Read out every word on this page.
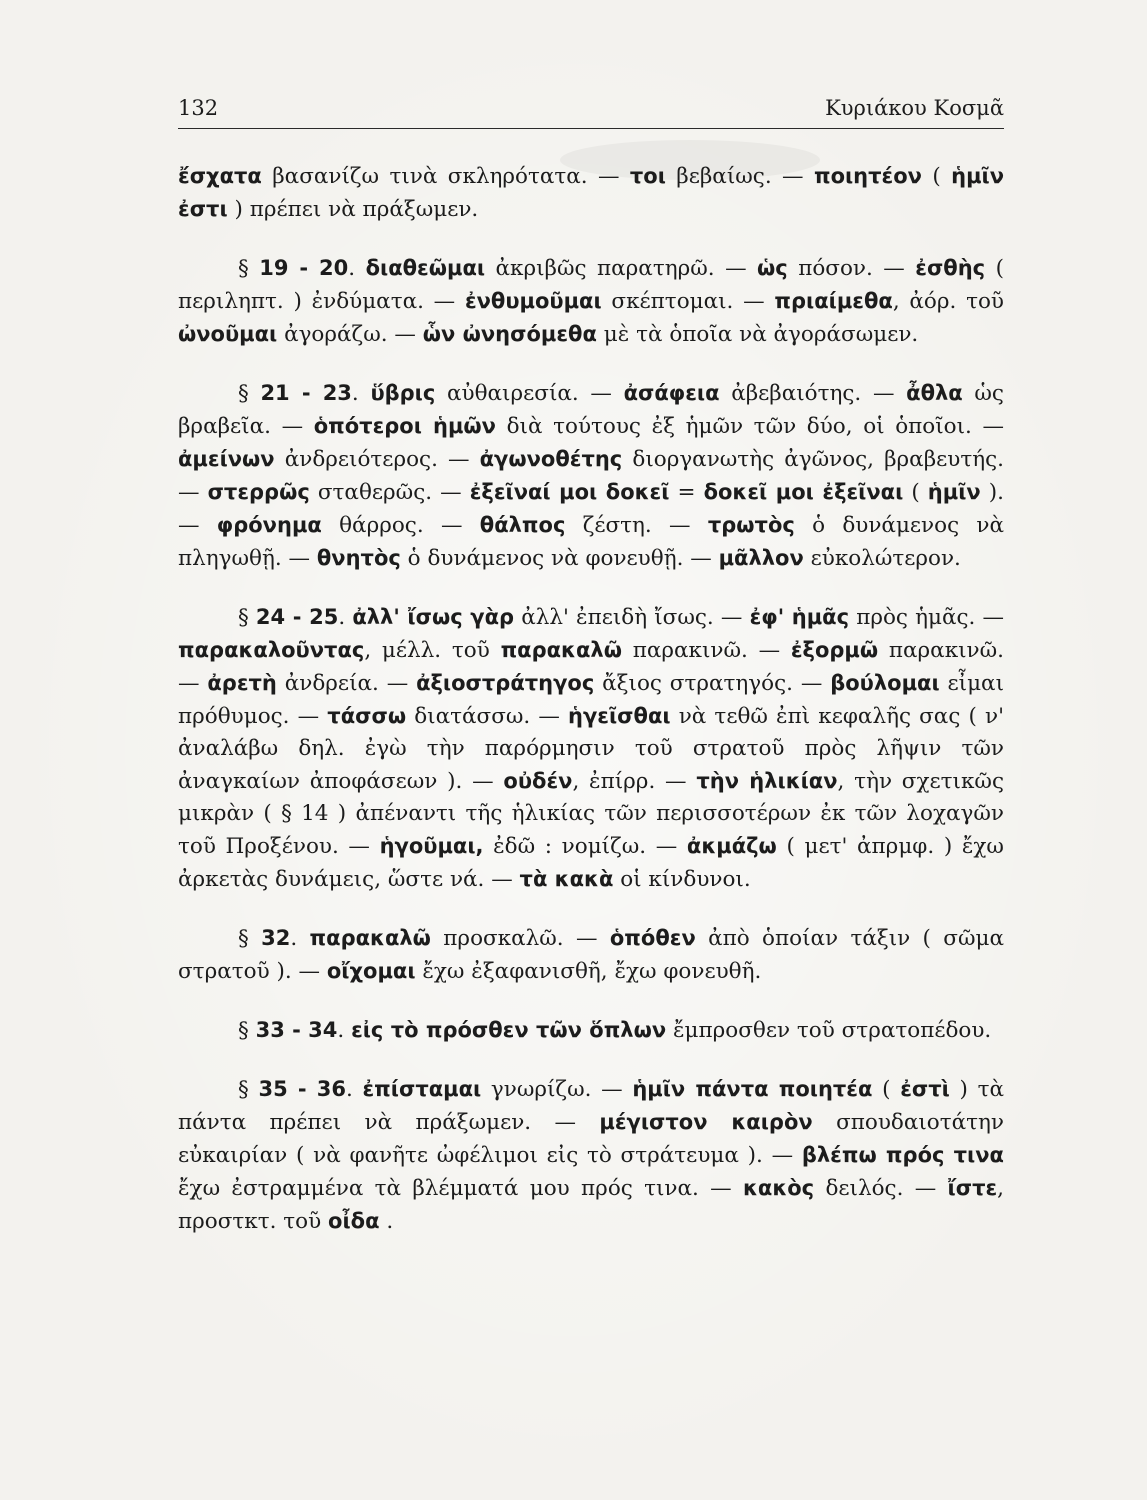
132	Κυριάκου Κοσμᾶ

ἔσχατα βασανίζω τινὰ σκληρότατα. — τοι βεβαίως. — ποιητέον ( ἡμῖν ἐστι ) πρέπει νὰ πράξωμεν.

§ 19 - 20. διαθεῶμαι ἀκριβῶς παρατηρῶ. — ὡς πόσον. — ἐσθὴς ( περιληπτ. ) ἐνδύματα. — ἐνθυμοῦμαι σκέπτομαι. — πριαίμεθα, ἀόρ. τοῦ ὠνοῦμαι ἀγοράζω. — ὧν ὠνησόμεθα μὲ τὰ ὁποῖα νὰ ἀγοράσωμεν.

§ 21 - 23. ὕβρις αὐθαιρεσία. — ἀσάφεια ἀβεβαιότης. — ἆθλα ὡς βραβεῖα. — ὁπότεροι ἡμῶν διὰ τούτους ἐξ ἡμῶν τῶν δύο, οἱ ὁποῖοι. — ἀμείνων ἀνδρειότερος. — ἀγωνοθέτης διοργανωτὴς ἀγῶνος, βραβευτής. — στερρῶς σταθερῶς. — ἐξεῖναί μοι δοκεῖ = δοκεῖ μοι ἐξεῖναι ( ἡμῖν ). — φρόνημα θάρρος. — θάλπος ζέστη. — τρωτὸς ὁ δυνάμενος νὰ πληγωθῇ. — θνητὸς ὁ δυνάμενος νὰ φονευθῇ. — μᾶλλον εὐκολώτερον.

§ 24 - 25. ἀλλ' ἴσως γὰρ ἀλλ' ἐπειδὴ ἴσως. — ἐφ' ἡμᾶς πρὸς ἡμᾶς. — παρακαλοῦντας, μέλλ. τοῦ παρακαλῶ παρακινῶ. — ἐξορμῶ παρακινῶ. — ἀρετὴ ἀνδρεία. — ἀξιοστράτηγος ἄξιος στρατηγός. — βούλομαι εἶμαι πρόθυμος. — τάσσω διατάσσω. — ἡγεῖσθαι νὰ τεθῶ ἐπὶ κεφαλῆς σας ( ν' ἀναλάβω δηλ. ἐγὼ τὴν παρόρμησιν τοῦ στρατοῦ πρὸς λῆψιν τῶν ἀναγκαίων ἀποφάσεων ). — οὐδέν, ἐπίρρ. — τὴν ἡλικίαν, τὴν σχετικῶς μικρὰν ( § 14 ) ἀπέναντι τῆς ἡλικίας τῶν περισσοτέρων ἐκ τῶν λοχαγῶν τοῦ Προξένου. — ἡγοῦμαι, ἐδῶ : νομίζω. — ἀκμάζω ( μετ' ἀπρμφ. ) ἔχω ἀρκετὰς δυνάμεις, ὥστε νά. — τὰ κακὰ οἱ κίνδυνοι.

§ 32. παρακαλῶ προσκαλῶ. — ὁπόθεν ἀπὸ ὁποίαν τάξιν ( σῶμα στρατοῦ ). — οἴχομαι ἔχω ἐξαφανισθῆ, ἔχω φονευθῆ.

§ 33 - 34. εἰς τὸ πρόσθεν τῶν ὅπλων ἔμπροσθεν τοῦ στρατοπέδου.

§ 35 - 36. ἐπίσταμαι γνωρίζω. — ἡμῖν πάντα ποιητέα ( ἐστὶ ) τὰ πάντα πρέπει νὰ πράξωμεν. — μέγιστον καιρὸν σπουδαιοτάτην εὐκαιρίαν ( νὰ φανῆτε ὠφέλιμοι εἰς τὸ στράτευμα ). — βλέπω πρός τινα ἔχω ἐστραμμένα τὰ βλέμματά μου πρός τινα. — κακὸς δειλός. — ἴστε, προστκτ. τοῦ οἶδα .
